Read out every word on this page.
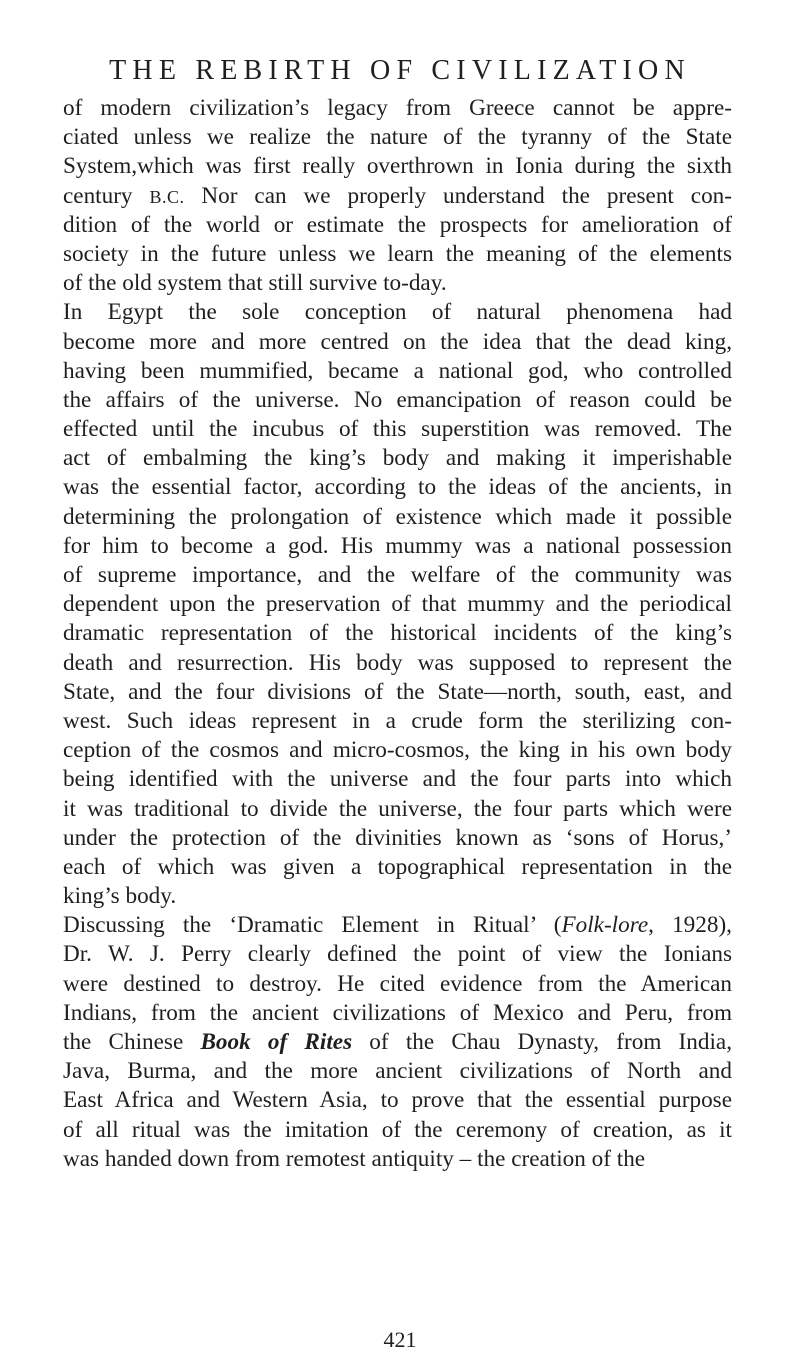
THE REBIRTH OF CIVILIZATION
of modern civilization’s legacy from Greece cannot be appre-
ciated unless we realize the nature of the tyranny of the State
System,which was first really overthrown in Ionia during the sixth
century B.C. Nor can we properly understand the present con-
dition of the world or estimate the prospects for amelioration of
society in the future unless we learn the meaning of the elements
of the old system that still survive to-day.
In Egypt the sole conception of natural phenomena had
become more and more centred on the idea that the dead king,
having been mummified, became a national god, who controlled
the affairs of the universe. No emancipation of reason could be
effected until the incubus of this superstition was removed. The
act of embalming the king’s body and making it imperishable
was the essential factor, according to the ideas of the ancients, in
determining the prolongation of existence which made it possible
for him to become a god. His mummy was a national possession
of supreme importance, and the welfare of the community was
dependent upon the preservation of that mummy and the periodical
dramatic representation of the historical incidents of the king’s
death and resurrection. His body was supposed to represent the
State, and the four divisions of the State—north, south, east, and
west. Such ideas represent in a crude form the sterilizing con-
ception of the cosmos and micro-cosmos, the king in his own body
being identified with the universe and the four parts into which
it was traditional to divide the universe, the four parts which were
under the protection of the divinities known as ‘sons of Horus,’
each of which was given a topographical representation in the
king’s body.
Discussing the ‘Dramatic Element in Ritual’ (Folk-lore, 1928),
Dr. W. J. Perry clearly defined the point of view the Ionians
were destined to destroy. He cited evidence from the American
Indians, from the ancient civilizations of Mexico and Peru, from
the Chinese Book of Rites of the Chau Dynasty, from India,
Java, Burma, and the more ancient civilizations of North and
East Africa and Western Asia, to prove that the essential purpose
of all ritual was the imitation of the ceremony of creation, as it
was handed down from remotest antiquity – the creation of the
421
